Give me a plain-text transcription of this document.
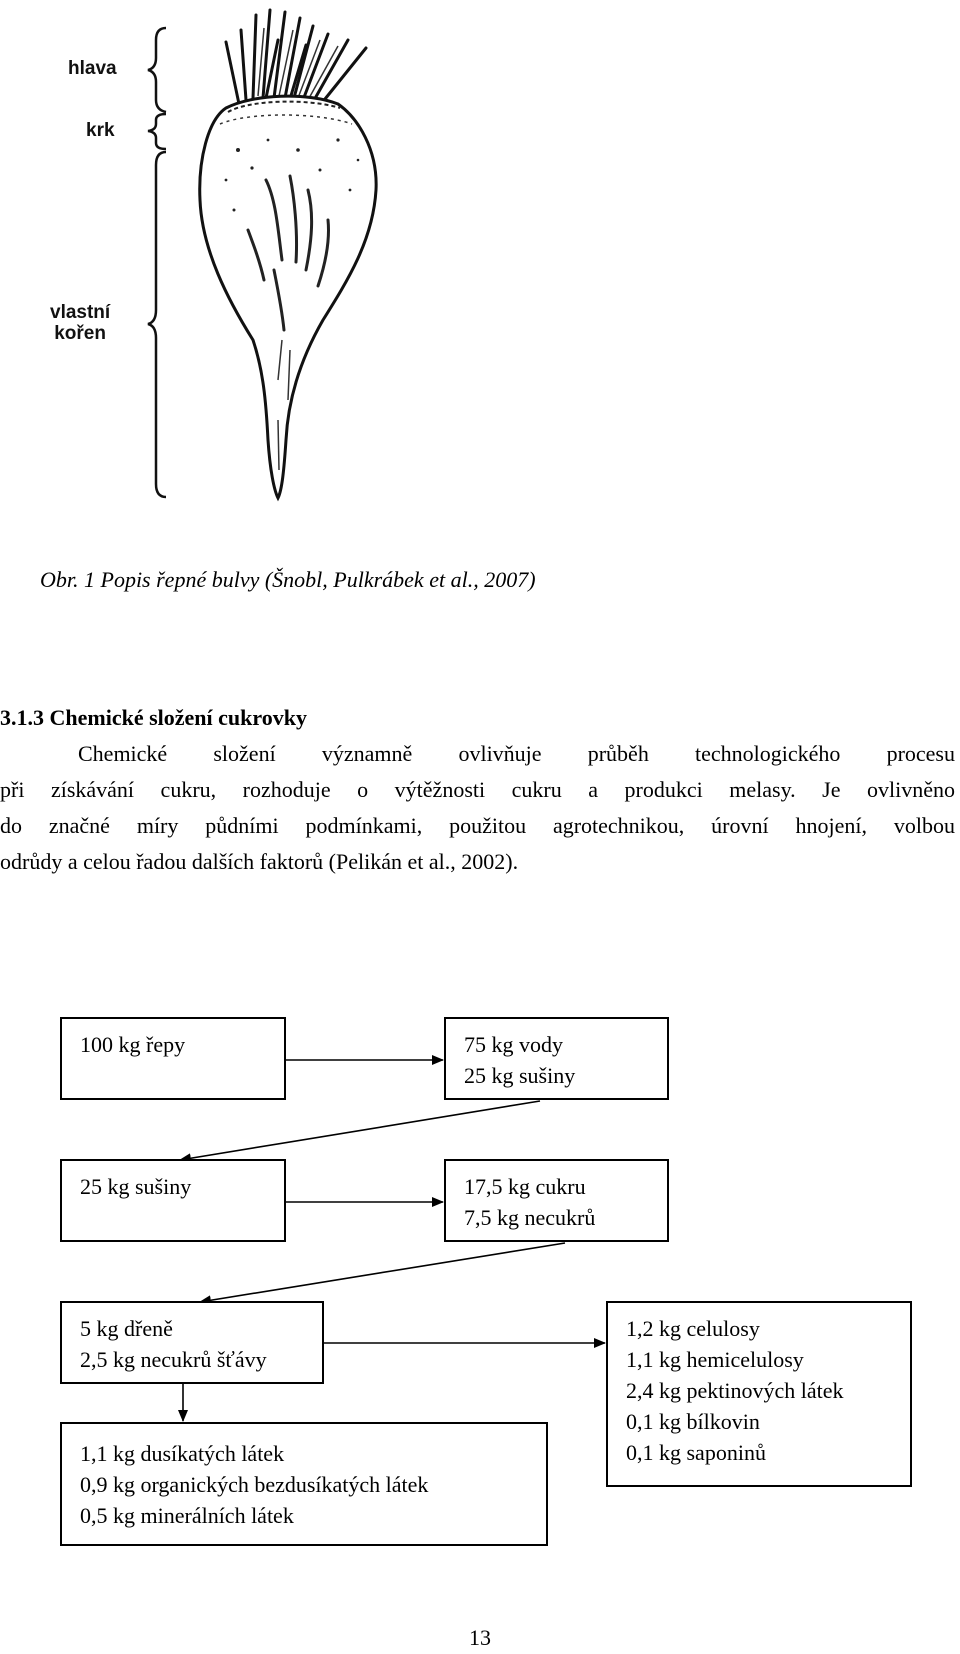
hlava
krk
vlastní
kořen
Obr. 1 Popis řepné bulvy (Šnobl, Pulkrábek et al., 2007)
3.1.3 Chemické složení cukrovky
Chemické složení významně ovlivňuje průběh technologického procesu
při získávání cukru, rozhoduje o výtěžnosti cukru a produkci melasy. Je ovlivněno
do značné míry půdními podmínkami, použitou agrotechnikou, úrovní hnojení, volbou
odrůdy a celou řadou dalších faktorů (Pelikán et al., 2002).
100 kg řepy	75 kg vody
25 kg sušiny
25 kg sušiny	17,5 kg cukru
7,5 kg necukrů
5 kg dřeně
2,5 kg necukrů šťávy
1,2 kg celulosy
1,1 kg hemicelulosy
2,4 kg pektinových látek
0,1 kg bílkovin
0,1 kg saponinů
1,1 kg dusíkatých látek
0,9 kg organických bezdusíkatých látek
0,5 kg minerálních látek
13
